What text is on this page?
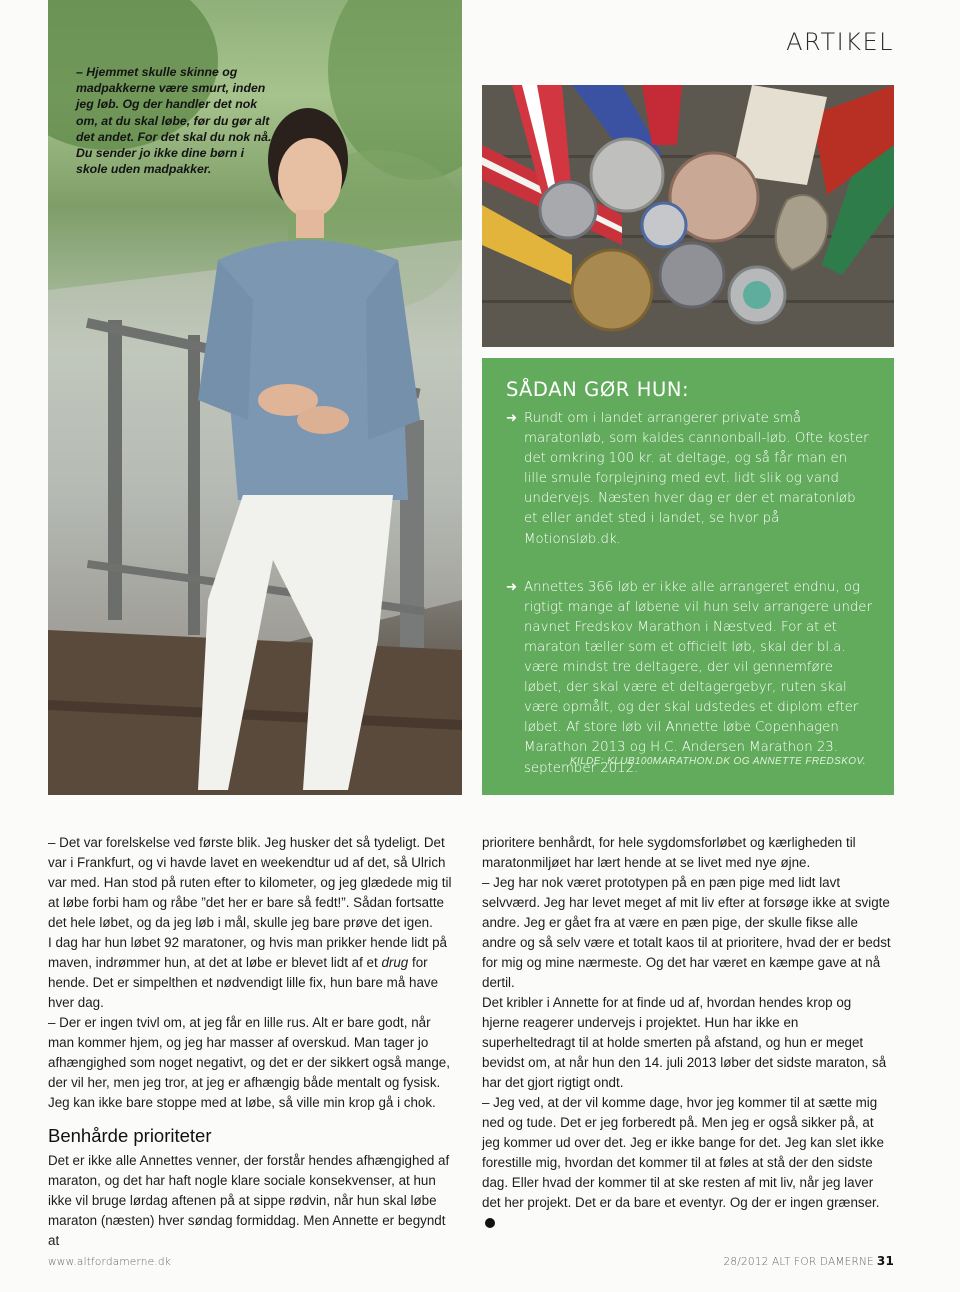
ARTIKEL
– Hjemmet skulle skinne og madpakkerne være smurt, inden jeg løb. Og der handler det nok om, at du skal løbe, før du gør alt det andet. For det skal du nok nå. Du sender jo ikke dine børn i skole uden madpakker.
SÅDAN GØR HUN:
➜ Rundt om i landet arrangerer private små maratonløb, som kaldes cannonball-løb. Ofte koster det omkring 100 kr. at deltage, og så får man en lille smule forplejning med evt. lidt slik og vand undervejs. Næsten hver dag er der et maratonløb et eller andet sted i landet, se hvor på Motionsløb.dk.
➜ Annettes 366 løb er ikke alle arrangeret endnu, og rigtigt mange af løbene vil hun selv arrangere under navnet Fredskov Marathon i Næstved. For at et maraton tæller som et officielt løb, skal der bl.a. være mindst tre deltagere, der vil gennemføre løbet, der skal være et deltagergebyr, ruten skal være opmålt, og der skal udstedes et diplom efter løbet. Af store løb vil Annette løbe Copenhagen Marathon 2013 og H.C. Andersen Marathon 23. september 2012.
KILDE: KLUB100MARATHON.DK OG ANNETTE FREDSKOV.

– Det var forelskelse ved første blik. Jeg husker det så tydeligt. Det var i Frankfurt, og vi havde lavet en weekendtur ud af det, så Ulrich var med. Han stod på ruten efter to kilometer, og jeg glædede mig til at løbe forbi ham og råbe ”det her er bare så fedt!”. Sådan fortsatte det hele løbet, og da jeg løb i mål, skulle jeg bare prøve det igen.

I dag har hun løbet 92 maratoner, og hvis man prikker hende lidt på maven, indrømmer hun, at det at løbe er blevet lidt af et drug for hende. Det er simpelthen et nødvendigt lille fix, hun bare må have hver dag.

– Der er ingen tvivl om, at jeg får en lille rus. Alt er bare godt, når man kommer hjem, og jeg har masser af overskud. Man tager jo afhængighed som noget negativt, og det er der sikkert også mange, der vil her, men jeg tror, at jeg er afhængig både mentalt og fysisk. Jeg kan ikke bare stoppe med at løbe, så ville min krop gå i chok.

Benhårde prioriteter

Det er ikke alle Annettes venner, der forstår hendes afhængighed af maraton, og det har haft nogle klare sociale konsekvenser, at hun ikke vil bruge lørdag aftenen på at sippe rødvin, når hun skal løbe maraton (næsten) hver søndag formiddag. Men Annette er begyndt at

prioritere benhårdt, for hele sygdomsforløbet og kærligheden til maratonmiljøet har lært hende at se livet med nye øjne.

– Jeg har nok været prototypen på en pæn pige med lidt lavt selvværd. Jeg har levet meget af mit liv efter at forsøge ikke at svigte andre. Jeg er gået fra at være en pæn pige, der skulle fikse alle andre og så selv være et totalt kaos til at prioritere, hvad der er bedst for mig og mine nærmeste. Og det har været en kæmpe gave at nå dertil.

Det kribler i Annette for at finde ud af, hvordan hendes krop og hjerne reagerer undervejs i projektet. Hun har ikke en superheltedragt til at holde smerten på afstand, og hun er meget bevidst om, at når hun den 14. juli 2013 løber det sidste maraton, så har det gjort rigtigt ondt.

– Jeg ved, at der vil komme dage, hvor jeg kommer til at sætte mig ned og tude. Det er jeg forberedt på. Men jeg er også sikker på, at jeg kommer ud over det. Jeg er ikke bange for det. Jeg kan slet ikke forestille mig, hvordan det kommer til at føles at stå der den sidste dag. Eller hvad der kommer til at ske resten af mit liv, når jeg laver det her projekt. Det er da bare et eventyr. Og der er ingen grænser.

www.altfordamerne.dk	28/2012 ALT FOR DAMERNE 31
